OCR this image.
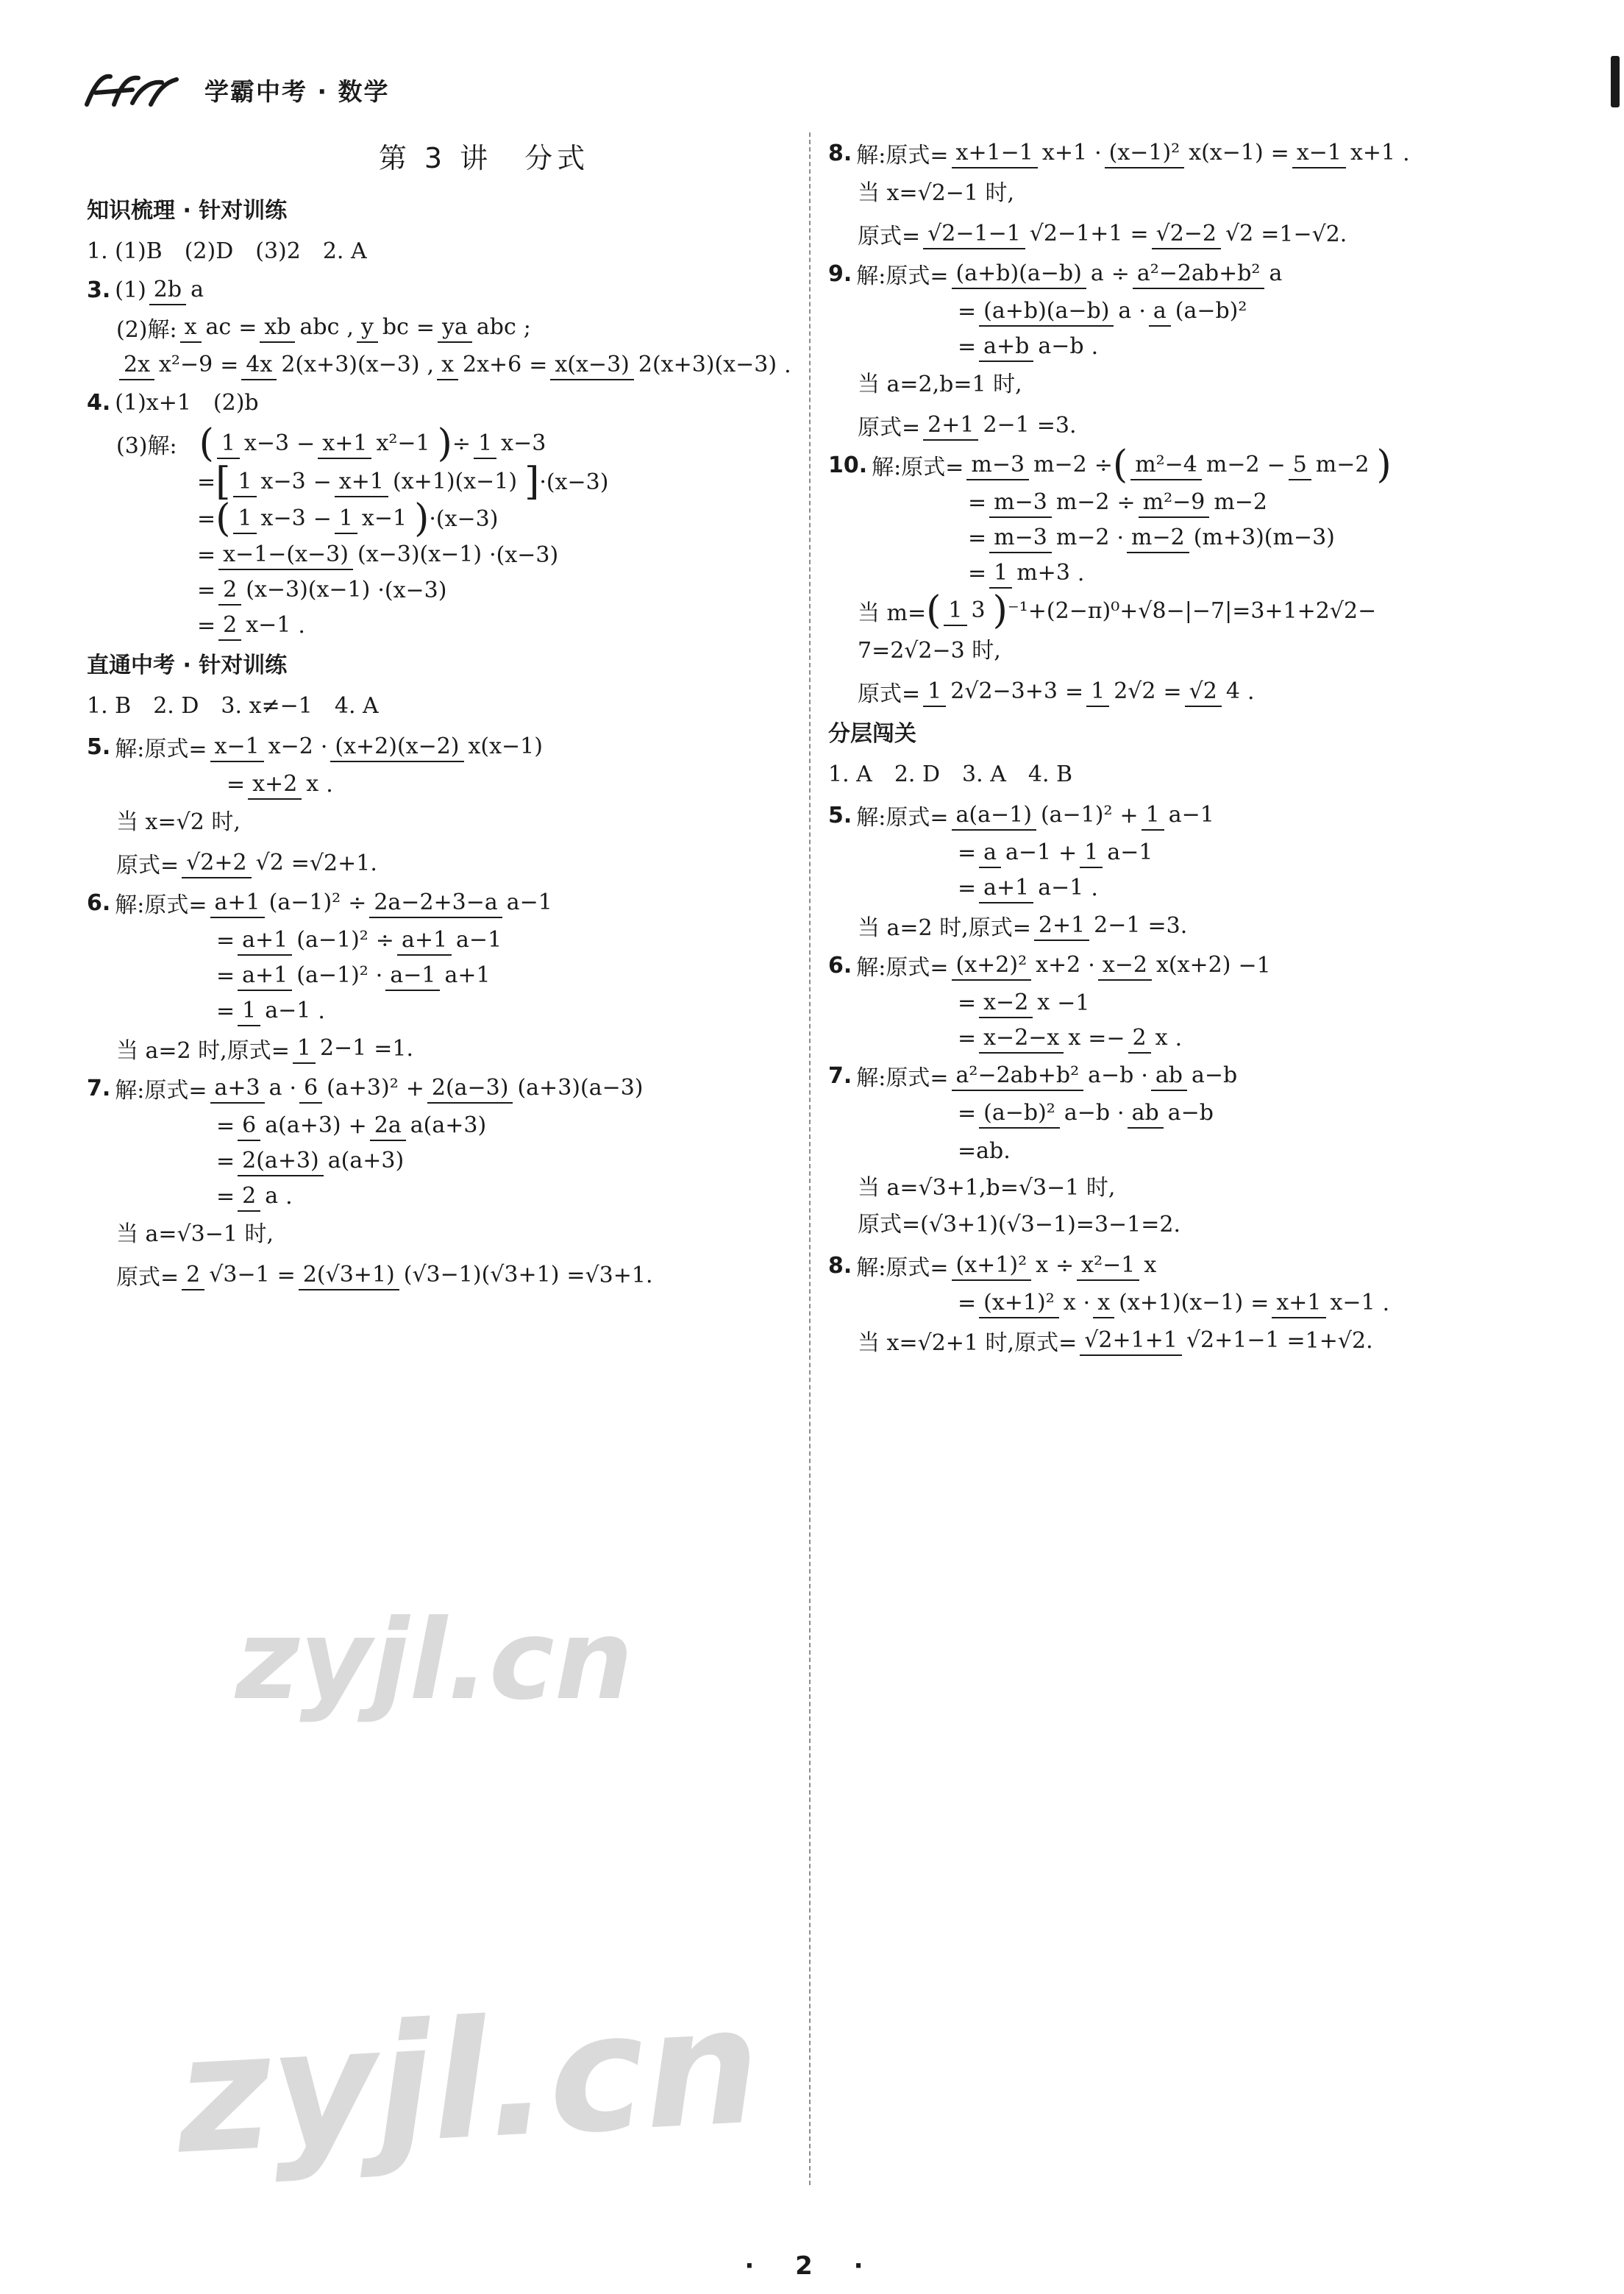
学霸中考 · 数学
第 3 讲　分式
知识梳理 · 针对训练
1. (1)B　(2)D　(3)2　2. A
3. (1) 2b a
(2)解: x ac = xb abc , y bc = ya abc ;
2x x²−9 = 4x 2(x+3)(x−3) , x 2x+6 = x(x−3) 2(x+3)(x−3) .
4. (1)x+1　(2)b
(3)解:　 ( 1 x−3 − x+1 x²−1 ) ÷ 1 x−3
= [ 1 x−3 − x+1 (x+1)(x−1) ] ·(x−3)
= ( 1 x−3 − 1 x−1 ) ·(x−3)
= x−1−(x−3) (x−3)(x−1) ·(x−3)
= 2 (x−3)(x−1) ·(x−3)
= 2 x−1 .
直通中考 · 针对训练
1. B　2. D　3. x≠−1　4. A
5. 解:原式= x−1 x−2 · (x+2)(x−2) x(x−1)
= x+2 x .
当 x=√2 时,
原式= √2+2 √2 =√2+1.
6. 解:原式= a+1 (a−1)² ÷ 2a−2+3−a a−1
= a+1 (a−1)² ÷ a+1 a−1
= a+1 (a−1)² · a−1 a+1
= 1 a−1 .
当 a=2 时,原式= 1 2−1 =1.
7. 解:原式= a+3 a · 6 (a+3)² + 2(a−3) (a+3)(a−3)
= 6 a(a+3) + 2a a(a+3)
= 2(a+3) a(a+3)
= 2 a .
当 a=√3−1 时,
原式= 2 √3−1 = 2(√3+1) (√3−1)(√3+1) =√3+1.
8. 解:原式= x+1−1 x+1 · (x−1)² x(x−1) = x−1 x+1 .
当 x=√2−1 时,
原式= √2−1−1 √2−1+1 = √2−2 √2 =1−√2.
9. 解:原式= (a+b)(a−b) a ÷ a²−2ab+b² a
= (a+b)(a−b) a · a (a−b)²
= a+b a−b .
当 a=2,b=1 时,
原式= 2+1 2−1 =3.
10. 解:原式= m−3 m−2 ÷ ( m²−4 m−2 − 5 m−2 )
= m−3 m−2 ÷ m²−9 m−2
= m−3 m−2 · m−2 (m+3)(m−3)
= 1 m+3 .
当 m= ( 1 3 ) ⁻¹+(2−π)⁰+√8−|−7|=3+1+2√2−
7=2√2−3 时,
原式= 1 2√2−3+3 = 1 2√2 = √2 4 .
分层闯关
1. A　2. D　3. A　4. B
5. 解:原式= a(a−1) (a−1)² + 1 a−1
= a a−1 + 1 a−1
= a+1 a−1 .
当 a=2 时,原式= 2+1 2−1 =3.
6. 解:原式= (x+2)² x+2 · x−2 x(x+2) −1
= x−2 x −1
= x−2−x x =− 2 x .
7. 解:原式= a²−2ab+b² a−b · ab a−b
= (a−b)² a−b · ab a−b
=ab.
当 a=√3+1,b=√3−1 时,
原式=(√3+1)(√3−1)=3−1=2.
8. 解:原式= (x+1)² x ÷ x²−1 x
= (x+1)² x · x (x+1)(x−1) = x+1 x−1 .
当 x=√2+1 时,原式= √2+1+1 √2+1−1 =1+√2.
zyjl.cn
zyjl.cn
· 2 ·
